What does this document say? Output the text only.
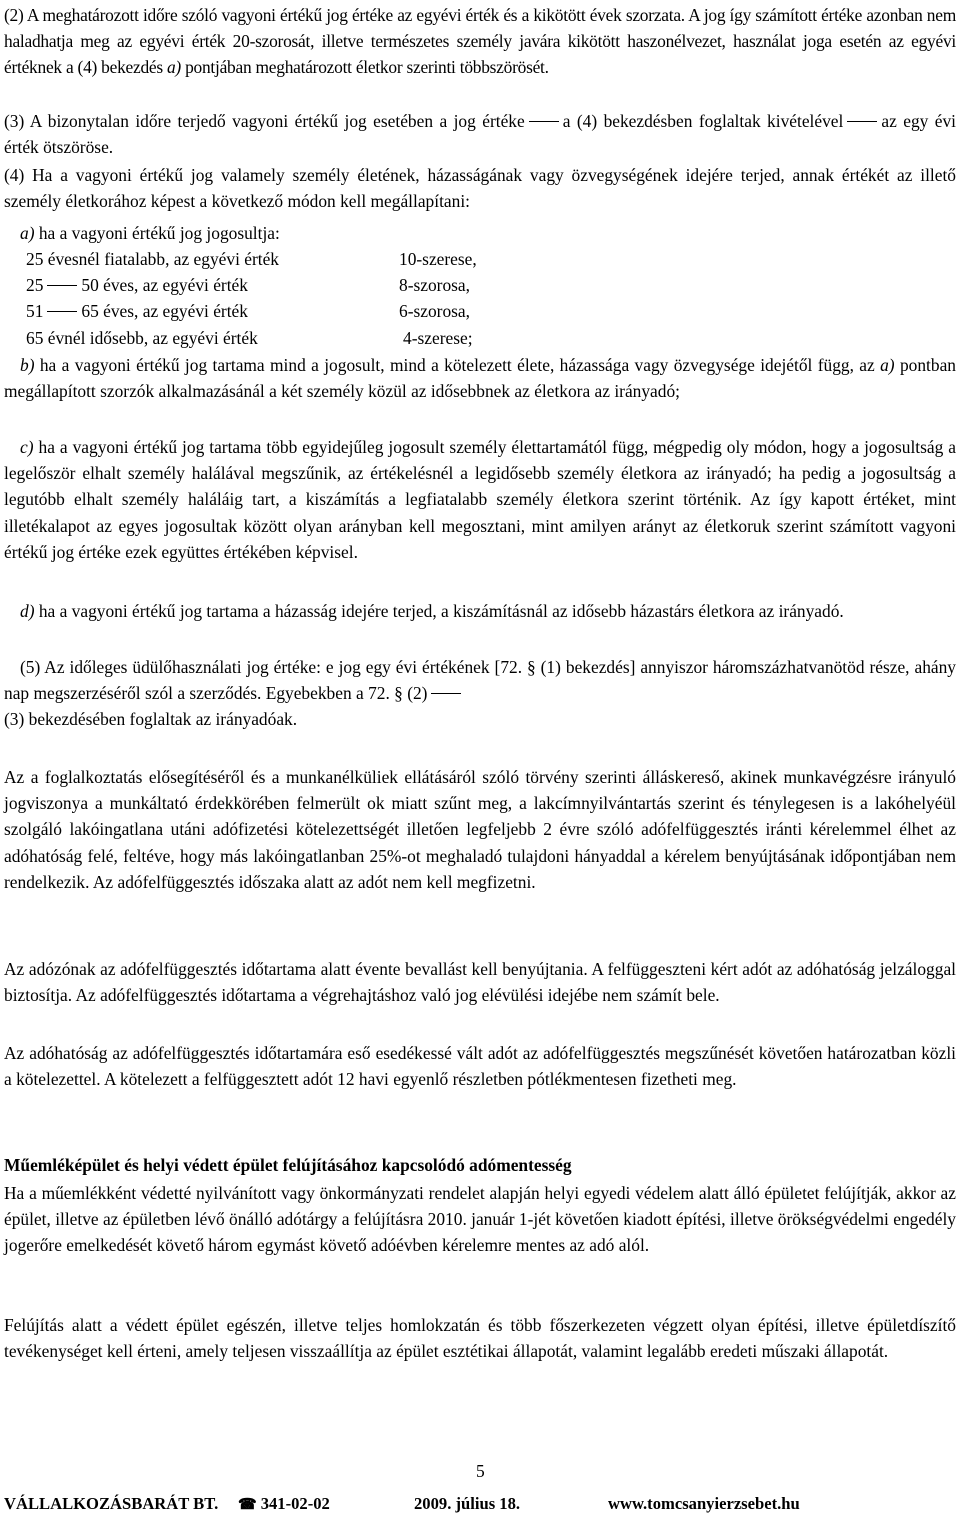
(2) A meghatározott időre szóló vagyoni értékű jog értéke az egyévi érték és a kikötött évek szorzata. A jog így számított értéke azonban nem haladhatja meg az egyévi érték 20-szorosát, illetve természetes személy javára kikötött haszonélvezet, használat joga esetén az egyévi értéknek a (4) bekezdés a) pontjában meghatározott életkor szerinti többszörösét.

(3) A bizonytalan időre terjedő vagyoni értékű jog esetében a jog értéke a (4) bekezdésben foglaltak kivételével az egy évi érték ötszöröse.

(4) Ha a vagyoni értékű jog valamely személy életének, házasságának vagy özvegységének idejére terjed, annak értékét az illető személy életkorához képest a következő módon kell megállapítani:

a) ha a vagyoni értékű jog jogosultja:

25 évesnél fiatalabb, az egyévi érték	10-szerese,
25 50 éves, az egyévi érték	8-szorosa,
51 65 éves, az egyévi érték	6-szorosa,
65 évnél idősebb, az egyévi érték	4-szerese;

b) ha a vagyoni értékű jog tartama mind a jogosult, mind a kötelezett élete, házassága vagy özvegysége idejétől függ, az a) pontban megállapított szorzók alkalmazásánál a két személy közül az idősebbnek az életkora az irányadó;

c) ha a vagyoni értékű jog tartama több egyidejűleg jogosult személy élettartamától függ, mégpedig oly módon, hogy a jogosultság a legelőször elhalt személy halálával megszűnik, az értékelésnél a legidősebb személy életkora az irányadó; ha pedig a jogosultság a legutóbb elhalt személy haláláig tart, a kiszámítás a legfiatalabb személy életkora szerint történik. Az így kapott értéket, mint illetékalapot az egyes jogosultak között olyan arányban kell megosztani, mint amilyen arányt az életkoruk szerint számított vagyoni értékű jog értéke ezek együttes értékében képvisel.

d) ha a vagyoni értékű jog tartama a házasság idejére terjed, a kiszámításnál az idősebb házastárs életkora az irányadó.

(5) Az időleges üdülőhasználati jog értéke: e jog egy évi értékének [72. § (1) bekezdés] annyiszor háromszázhatvanötöd része, ahány nap megszerzéséről szól a szerződés. Egyebekben a 72. § (2)
(3) bekezdésében foglaltak az irányadóak.

Az a foglalkoztatás elősegítéséről és a munkanélküliek ellátásáról szóló törvény szerinti álláskereső, akinek munkavégzésre irányuló jogviszonya a munkáltató érdekkörében felmerült ok miatt szűnt meg, a lakcímnyilvántartás szerint és ténylegesen is a lakóhelyéül szolgáló lakóingatlana utáni adófizetési kötelezettségét illetően legfeljebb 2 évre szóló adófelfüggesztés iránti kérelemmel élhet az adóhatóság felé, feltéve, hogy más lakóingatlanban 25%-ot meghaladó tulajdoni hányaddal a kérelem benyújtásának időpontjában nem rendelkezik. Az adófelfüggesztés időszaka alatt az adót nem kell megfizetni.

Az adózónak az adófelfüggesztés időtartama alatt évente bevallást kell benyújtania. A felfüggeszteni kért adót az adóhatóság jelzáloggal biztosítja. Az adófelfüggesztés időtartama a végrehajtáshoz való jog elévülési idejébe nem számít bele.

Az adóhatóság az adófelfüggesztés időtartamára eső esedékessé vált adót az adófelfüggesztés megszűnését követően határozatban közli a kötelezettel. A kötelezett a felfüggesztett adót 12 havi egyenlő részletben pótlékmentesen fizetheti meg.

Műemléképület és helyi védett épület felújításához kapcsolódó adómentesség

Ha a műemlékként védetté nyilvánított vagy önkormányzati rendelet alapján helyi egyedi védelem alatt álló épületet felújítják, akkor az épület, illetve az épületben lévő önálló adótárgy a felújításra 2010. január 1-jét követően kiadott építési, illetve örökségvédelmi engedély jogerőre emelkedését követő három egymást követő adóévben kérelemre mentes az adó alól.

Felújítás alatt a védett épület egészén, illetve teljes homlokzatán és több főszerkezeten végzett olyan építési, illetve épületdíszítő tevékenységet kell érteni, amely teljesen visszaállítja az épület esztétikai állapotát, valamint legalább eredeti műszaki állapotát.

5
VÁLLALKOZÁSBARÁT BT. ☎ 341-02-02	2009. július 18.	www.tomcsanyierzsebet.hu
